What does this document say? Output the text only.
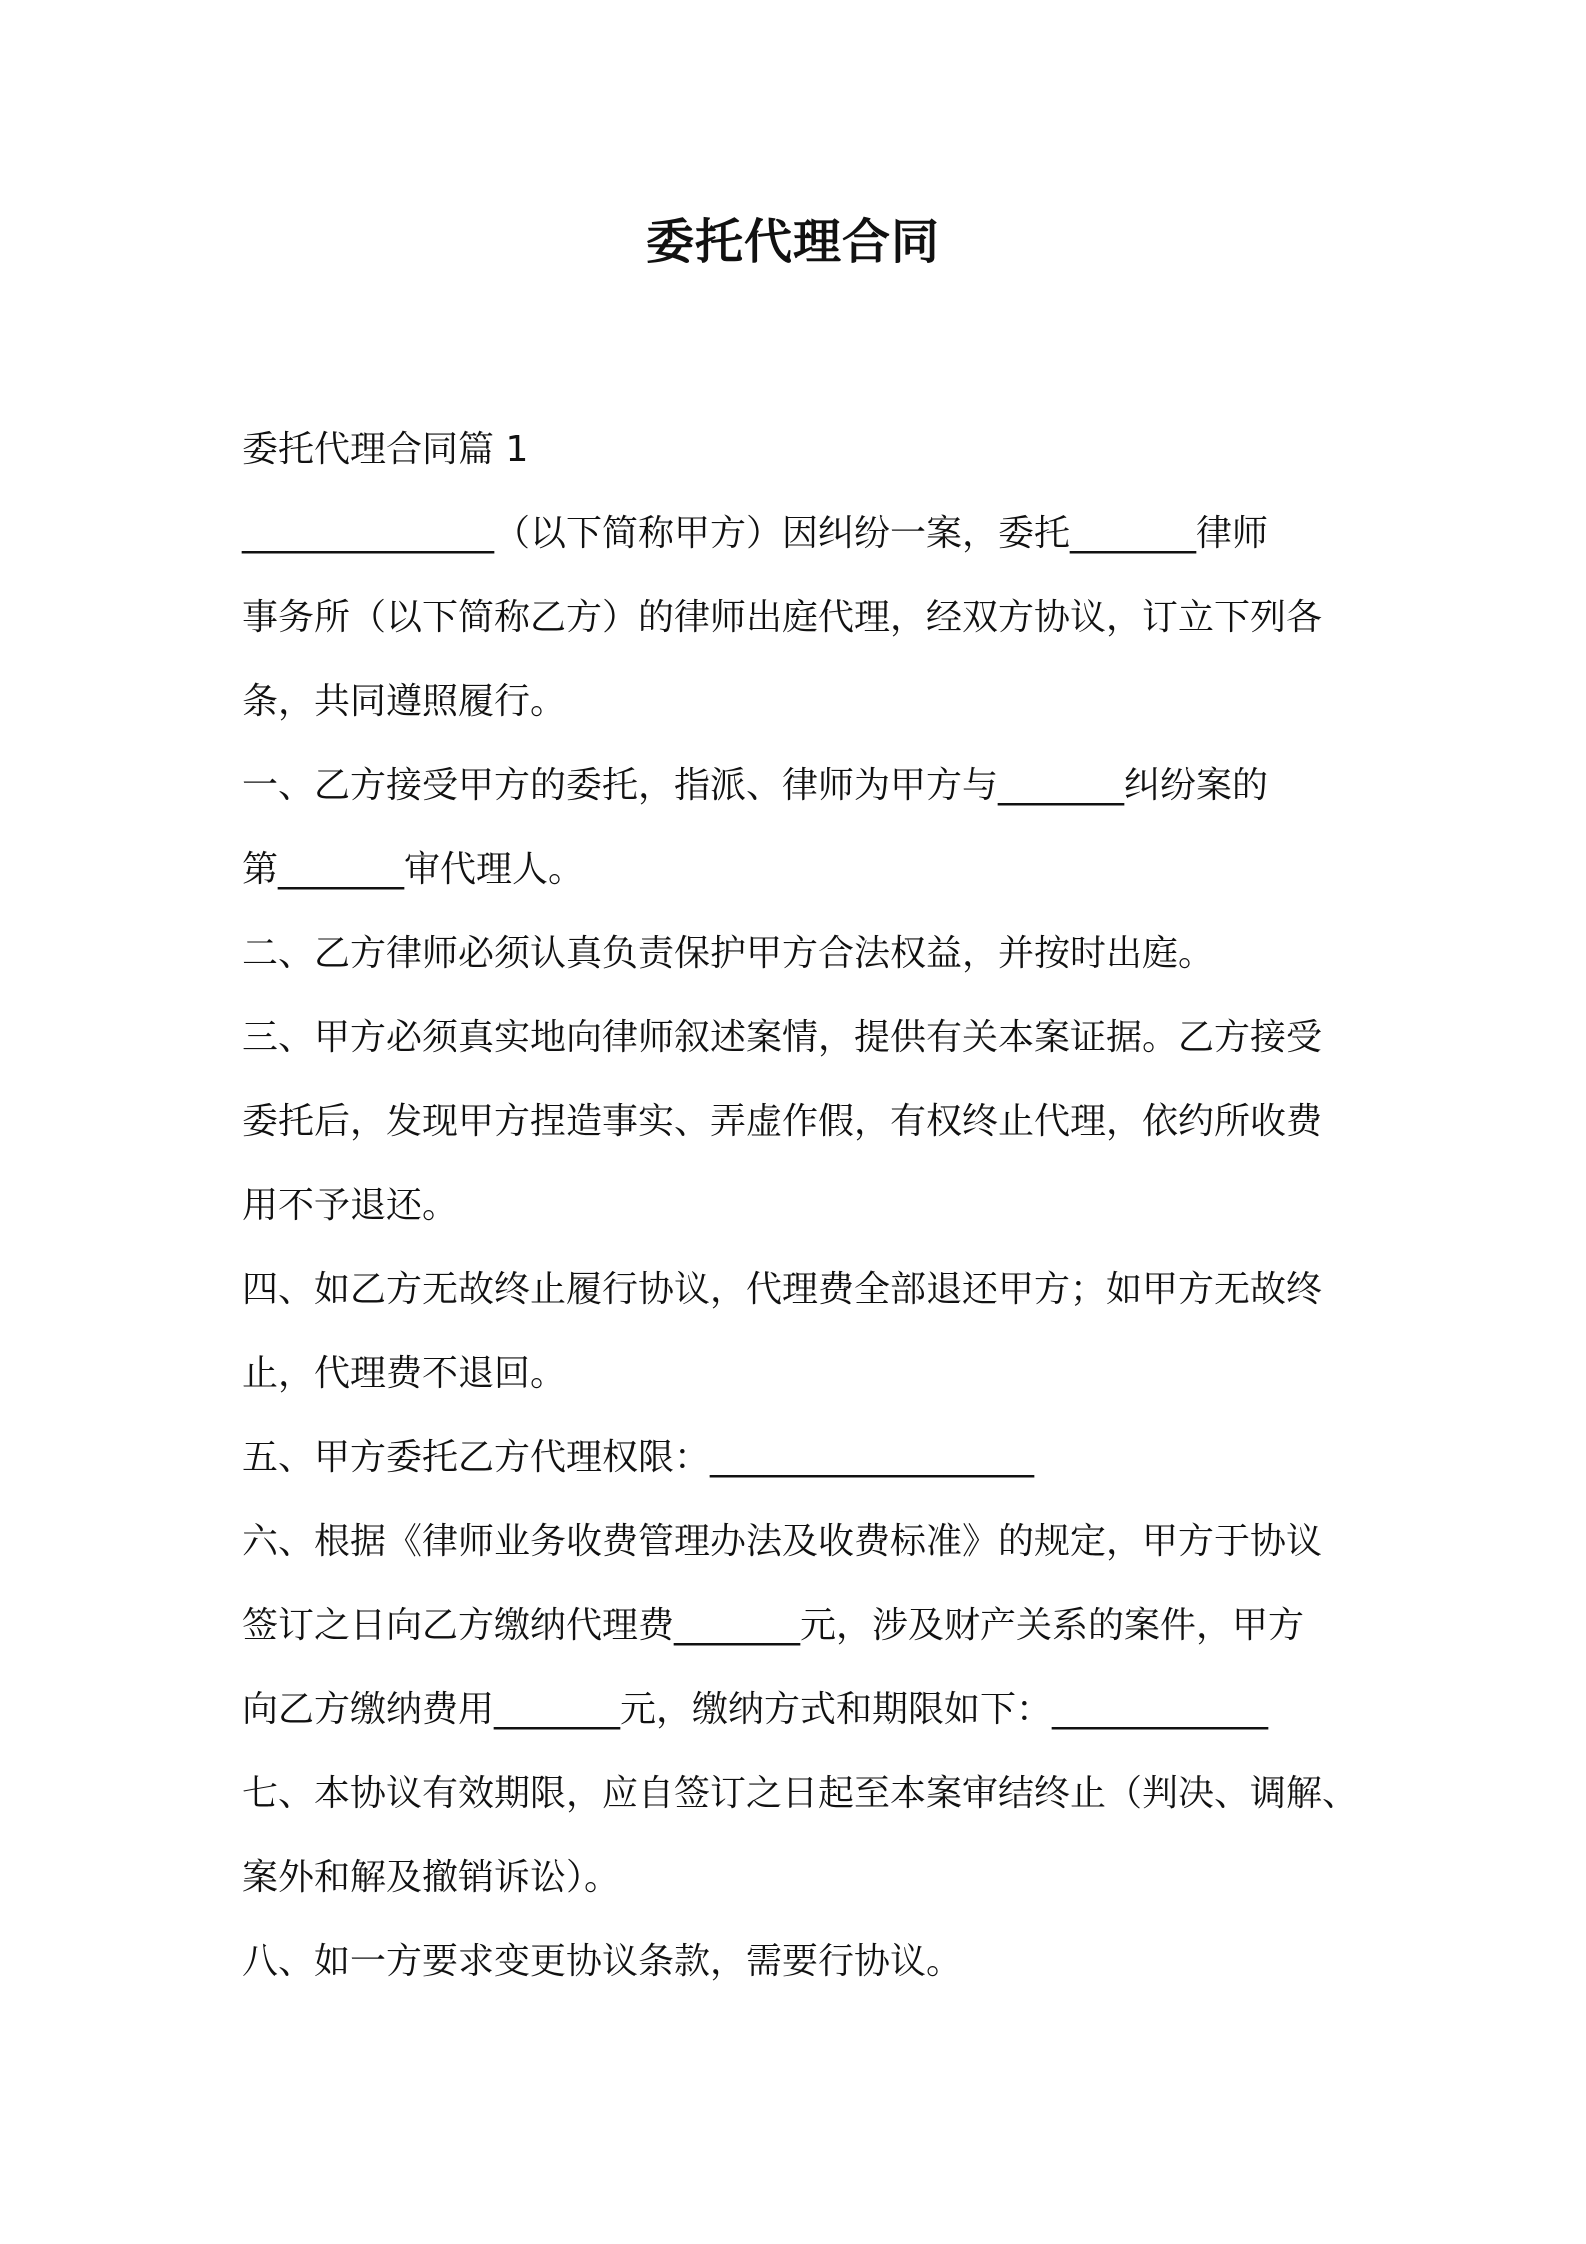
委托代理合同

委托代理合同篇 1

______________（以下简称甲方）因纠纷一案，委托_______律师

事务所（以下简称乙方）的律师出庭代理，经双方协议，订立下列各

条，共同遵照履行。

一、乙方接受甲方的委托，指派、律师为甲方与_______纠纷案的

第_______审代理人。

二、乙方律师必须认真负责保护甲方合法权益，并按时出庭。

三、甲方必须真实地向律师叙述案情，提供有关本案证据。乙方接受

委托后，发现甲方捏造事实、弄虚作假，有权终止代理，依约所收费

用不予退还。

四、如乙方无故终止履行协议，代理费全部退还甲方；如甲方无故终

止，代理费不退回。

五、甲方委托乙方代理权限：__________________

六、根据《律师业务收费管理办法及收费标准》的规定，甲方于协议

签订之日向乙方缴纳代理费_______元，涉及财产关系的案件，甲方

向乙方缴纳费用_______元，缴纳方式和期限如下：____________

七、本协议有效期限，应自签订之日起至本案审结终止（判决、调解、

案外和解及撤销诉讼）。

八、如一方要求变更协议条款，需要行协议。
